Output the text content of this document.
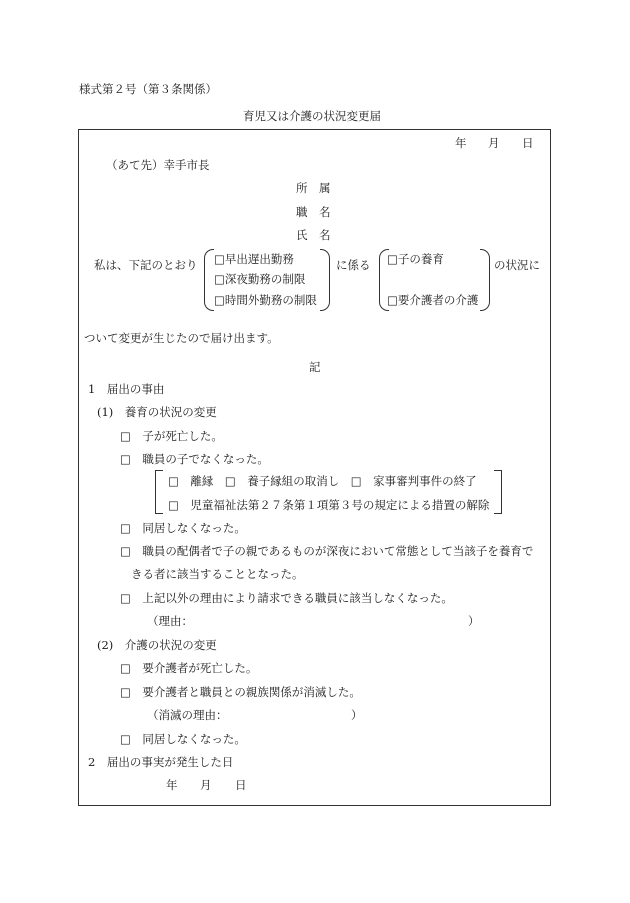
様式第２号（第３条関係）
育児又は介護の状況変更届
年 月 日
（あて先）幸手市長
所　属
職　名
氏　名
私は、下記のとおり □早出遅出勤務
□深夜勤務の制限
□時間外勤務の制限
に係る □子の養育
□要介護者の介護
の状況に
ついて変更が生じたので届け出ます。
記
1　届出の事由
(1)　養育の状況の変更
□　子が死亡した。
□　職員の子でなくなった。
□　離縁　□　養子縁組の取消し　□　家事審判事件の終了
□　児童福祉法第２７条第１項第３号の規定による措置の解除
□　同居しなくなった。
□　職員の配偶者で子の親であるものが深夜において常態として当該子を養育で
きる者に該当することとなった。
□　上記以外の理由により請求できる職員に該当しなくなった。
（理由：	）
(2)　介護の状況の変更
□　要介護者が死亡した。
□　要介護者と職員との親族関係が消滅した。
（消滅の理由：	）
□　同居しなくなった。
2　届出の事実が発生した日
年 月 日
